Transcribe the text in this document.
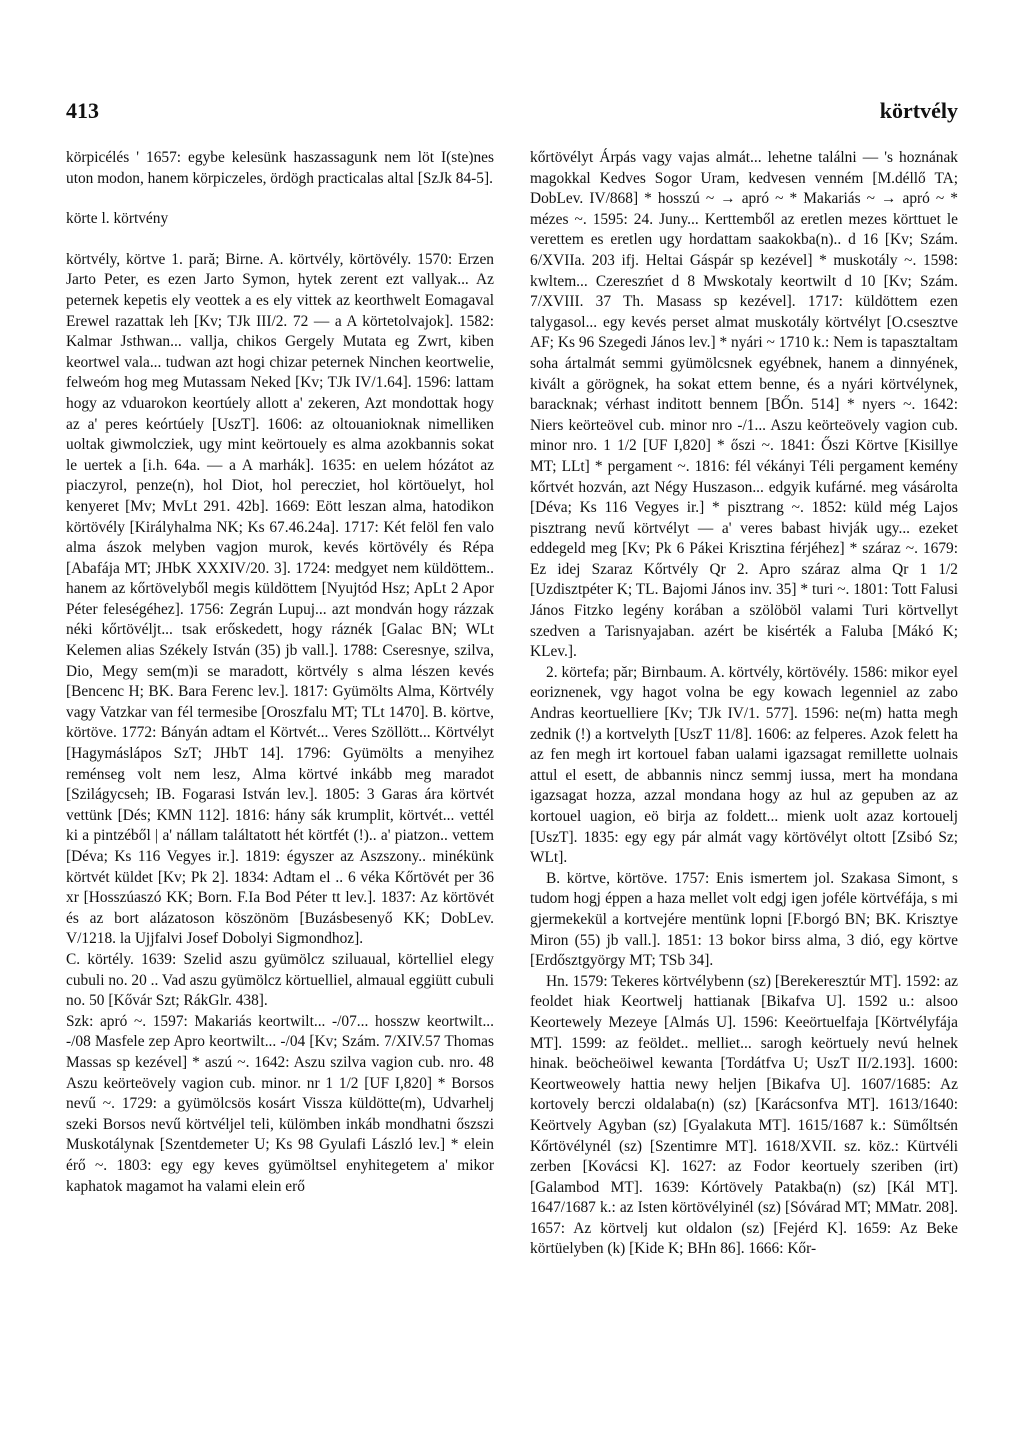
413	körtvély

körpicélés ' 1657: egybe kelesünk haszassagunk nem löt I(ste)nes uton modon, hanem körpiczeles, ördögh practicalas altal [SzJk 84-5].

körte l. körtvény

körtvély, körtve 1. pară; Birne. A. körtvély, körtövély. 1570: Erzen Jarto Peter, es ezen Jarto Symon, hytek zerent ezt vallyak... Az peternek kepetis ely veottek a es ely vittek az keorthwelt Eomagaval Erewel razattak leh [Kv; TJk III/2. 72 — a A körtetolvajok]. 1582: Kalmar Jsthwan... vallja, chikos Gergely Mutata eg Zwrt, kiben keortwel vala... tudwan azt hogi chizar peternek Ninchen keortwelie, felweóm hog meg Mutassam Neked [Kv; TJk IV/1.64]. 1596: lattam hogy az vduarokon keortúely allott a' zekeren, Azt mondottak hogy az a' peres keórtúely [UszT]. 1606: az oltouanioknak nimelliken uoltak giwmolcziek, ugy mint keörtouely es alma azokbannis sokat le uertek a [i.h. 64a. — a A marhák]. 1635: en uelem hózátot az piaczyrol, penze(n), hol Diot, hol perecziet, hol körtöuelyt, hol kenyeret [Mv; MvLt 291. 42b]. 1669: Eött leszan alma, hatodikon körtövély [Királyhalma NK; Ks 67.46.24a]. 1717: Két felöl fen valo alma ászok melyben vagjon murok, kevés körtövély és Répa [Abafája MT; JHbK XXXIV/20. 3]. 1724: medgyet nem küldöttem.. hanem az kőrtövelyből megis küldöttem [Nyujtód Hsz; ApLt 2 Apor Péter feleségéhez]. 1756: Zegrán Lupuj... azt mondván hogy rázzak néki kőrtövéljt... tsak erőskedett, hogy ráznék [Galac BN; WLt Kelemen alias Székely István (35) jb vall.]. 1788: Cseresnye, szilva, Dio, Megy sem(m)i se maradott, körtvély s alma lészen kevés [Bencenc H; BK. Bara Ferenc lev.]. 1817: Gyümölts Alma, Körtvély vagy Vatzkar van fél termesibe [Oroszfalu MT; TLt 1470]. B. körtve, körtöve. 1772: Bányán adtam el Körtvét... Veres Szöllött... Körtvélyt [Hagymáslápos SzT; JHbT 14]. 1796: Gyümölts a menyihez reménseg volt nem lesz, Alma körtvé inkább meg maradot [Szilágycseh; IB. Fogarasi István lev.]. 1805: 3 Garas ára körtvét vettünk [Dés; KMN 112]. 1816: hány sák krumplit, körtvét... vettél ki a pintzéből | a' nállam találtatott hét körtfét (!).. a' piatzon.. vettem [Déva; Ks 116 Vegyes ir.]. 1819: égyszer az Aszszony.. minékünk körtvét küldet [Kv; Pk 2]. 1834: Adtam el .. 6 véka Kőrtövét per 36 xr [Hosszúaszó KK; Born. F.Ia Bod Péter tt lev.]. 1837: Az körtövét és az bort alázatoson köszönöm [Buzásbesenyő KK; DobLev. V/1218. la Ujjfalvi Josef Dobolyi Sigmondhoz].

C. körtély. 1639: Szelid aszu gyümölcz sziluaual, körtelliel elegy cubuli no. 20 .. Vad aszu gyümölcz körtuelliel, almaual eggiütt cubuli no. 50 [Kővár Szt; RákGlr. 438].

Szk: apró ~. 1597: Makariás keortwilt... -/07... hosszw keortwilt... -/08 Masfele zep Apro keortwilt... -/04 [Kv; Szám. 7/XIV.57 Thomas Massas sp kezével] * aszú ~. 1642: Aszu szilva vagion cub. nro. 48 Aszu keörteövely vagion cub. minor. nr 1 1/2 [UF I,820] * Borsos nevű ~. 1729: a gyümölcsös kosárt Vissza küldötte(m), Udvarhelj szeki Borsos nevű körtvéljel teli, külömben inkáb mondhatni őszszi Muskotálynak [Szentdemeter U; Ks 98 Gyulafi László lev.] * elein érő ~. 1803: egy egy keves gyümöltsel enyhitegetem a' mikor kaphatok magamot ha valami elein erő

kőrtövélyt Árpás vagy vajas almát... lehetne találni — 's hoznának magokkal Kedves Sogor Uram, kedvesen venném [M.déllő TA; DobLev. IV/868] * hosszú ~ → apró ~ * Makariás ~ → apró ~ * mézes ~. 1595: 24. Juny... Kerttemből az eretlen mezes körttuet le verettem es eretlen ugy hordattam saakokba(n).. d 16 [Kv; Szám. 6/XVIIa. 203 ifj. Heltai Gáspár sp kezével] * muskotály ~. 1598: kwltem... Czereszńet d 8 Mwskotaly keortwilt d 10 [Kv; Szám. 7/XVIII. 37 Th. Masass sp kezével]. 1717: küldöttem ezen talygasol... egy kevés perset almat muskotály körtvélyt [O.csesztve AF; Ks 96 Szegedi János lev.] * nyári ~ 1710 k.: Nem is tapasztaltam soha ártalmát semmi gyümölcsnek egyébnek, hanem a dinnyének, kivált a görögnek, ha sokat ettem benne, és a nyári körtvélynek, baracknak; vérhast inditott bennem [BŐn. 514] * nyers ~. 1642: Niers keörteövel cub. minor nro -/1... Aszu keörteövely vagion cub. minor nro. 1 1/2 [UF I,820] * őszi ~. 1841: Őszi Körtve [Kisillye MT; LLt] * pergament ~. 1816: fél vékányi Téli pergament kemény kőrtvét hozván, azt Négy Huszason... edgyik kufárné. meg vásárolta [Déva; Ks 116 Vegyes ir.] * pisztrang ~. 1852: küld még Lajos pisztrang nevű körtvélyt — a' veres babast hivják ugy... ezeket eddegeld meg [Kv; Pk 6 Pákei Krisztina férjéhez] * száraz ~. 1679: Ez idej Szaraz Kőrtvély Qr 2. Apro száraz alma Qr 1 1/2 [Uzdisztpéter K; TL. Bajomi János inv. 35] * turi ~. 1801: Tott Falusi János Fitzko legény korában a szölöböl valami Turi körtvellyt szedven a Tarisnyajaban. azért be kisérték a Faluba [Mákó K; KLev.].

2. körtefa; păr; Birnbaum. A. körtvély, körtövély. 1586: mikor eyel eoriznenek, vgy hagot volna be egy kowach legenniel az zabo Andras keortuelliere [Kv; TJk IV/1. 577]. 1596: ne(m) hatta megh zednik (!) a kortvelyth [UszT 11/8]. 1606: az felperes. Azok felett ha az fen megh irt kortouel faban ualami igazsagat remillette uolnais attul el esett, de abbannis nincz semmj iussa, mert ha mondana igazsagat hozza, azzal mondana hogy az hul az gepuben az az kortouel uagion, eö birja az foldett... mienk uolt azaz kortouelj [UszT]. 1835: egy egy pár almát vagy körtövélyt oltott [Zsibó Sz; WLt].

B. körtve, körtöve. 1757: Enis ismertem jol. Szakasa Simont, s tudom hogj éppen a haza mellet volt edgj igen joféle körtvéfája, s mi gjermekekül a kortvejére mentünk lopni [F.borgó BN; BK. Krisztye Miron (55) jb vall.]. 1851: 13 bokor birss alma, 3 dió, egy körtve [Erdősztgyörgy MT; TSb 34].

Hn. 1579: Tekeres körtvélybenn (sz) [Berekeresztúr MT]. 1592: az feoldet hiak Keortwelj hattianak [Bikafva U]. 1592 u.: alsoo Keortewely Mezeye [Almás U]. 1596: Keeörtuelfaja [Körtvélyfája MT]. 1599: az feöldet.. melliet... sarogh keörtuely nevú helnek hinak. beöcheöiwel kewanta [Tordátfva U; UszT II/2.193]. 1600: Keortweowely hattia newy heljen [Bikafva U]. 1607/1685: Az kortovely berczi oldalaba(n) (sz) [Karácsonfva MT]. 1613/1640: Keörtvely Agyban (sz) [Gyalakuta MT]. 1615/1687 k.: Sümőltsén Kőrtövélynél (sz) [Szentimre MT]. 1618/XVII. sz. köz.: Kürtvéli zerben [Kovácsi K]. 1627: az Fodor keortuely szeriben (irt) [Galambod MT]. 1639: Kórtövely Patakba(n) (sz) [Kál MT]. 1647/1687 k.: az Isten körtövélyinél (sz) [Sóvárad MT; MMatr. 208]. 1657: Az körtvelj kut oldalon (sz) [Fejérd K]. 1659: Az Beke körtüelyben (k) [Kide K; BHn 86]. 1666: Kőr-
